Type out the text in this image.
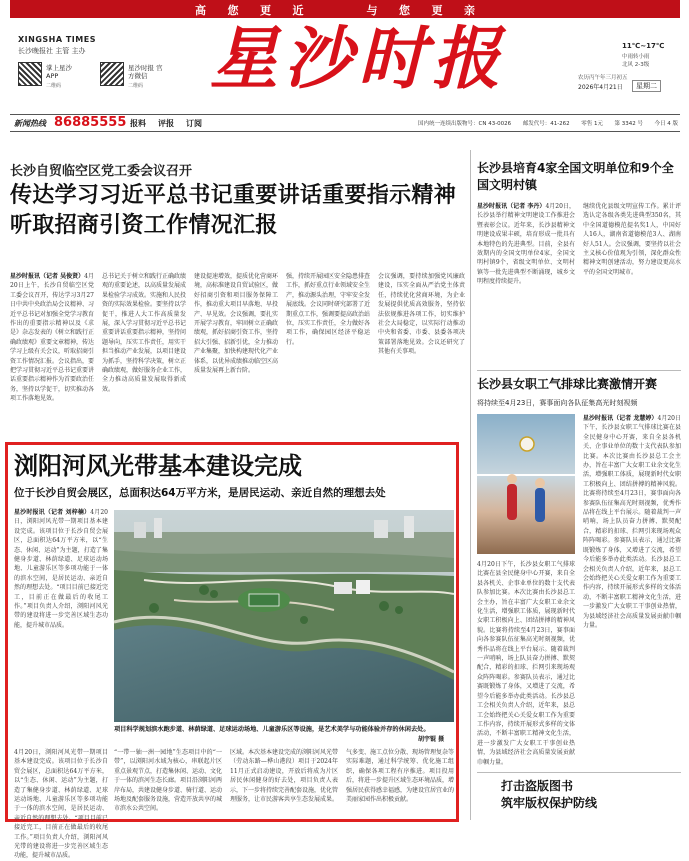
高 您 更 近	与 您 更 亲
XINGSHA TIMES
长沙晚报社 主管 主办
掌上星沙 APP
二维码
星沙时报 官方微信
二维码 星沙时报	11℃~17℃
中雨转小雨
北风 2-3级
农历丙午年三月初五
2026年4月21日	星期二
新闻热线 86885555 报料 评报 订阅	国内统一连续出版物号：CN 43-0026 邮发代号：41-262 零售 1元 第 3342 号 今日 4 版
长沙自贸临空区党工委会议召开
传达学习习近平总书记重要讲话重要指示精神
听取招商引资工作情况汇报
星沙时报讯（记者 吴俊贤）4月20日上午，长沙自贸临空区党工委会议召开，传达学习3月27日中共中央政治局会议精神、习近平总书记对加强全党学习教育作出的重要指示精神以及《求是》杂志发表的《树立和践行正确政绩观》重要文章精神，传达学习上级有关会议，听取招商引资工作情况汇报。会议指出，要把学习贯彻习近平总书记重要讲话重要指示精神作为首要政治任务，坚持以学促干，切实推动各项工作落地见效。
总书记关于树立和践行正确政绩观的重要论述，以高质量发展成果检验学习成效。实施和人民投资的实际效果检验。要坚持以学促干，推进人大工作高质量发展，深入学习贯彻习近平总书记重要讲话重要指示精神，坚持问题导向，压实工作责任，用实干担当推动产业发展，以项目建设为抓手，坚持科学决策，树立正确政绩观，做好服务企业工作，全力推动高质量发展取得新成效。
建设提速增效，提质优化营商环境，高标准建设自贸试验区，做好招商引资和项目服务保障工作，推动重大项目早落地、早投产、早见效。会议强调，要扎实开展学习教育，牢固树立正确政绩观，抓好招商引资工作，坚持招大引强、招新引优，全力推动产业集聚，加快构建现代化产业体系，以优异成绩推动临空区高质量发展再上新台阶。
强，持续开展园区安全隐患排查工作，抓好重点行业领域安全生产，推动源头治理，守牢安全发展底线。会议同时研究部署了近期重点工作，强调要提高政治站位，压实工作责任，全力做好各项工作，确保园区经济平稳运行。
会议强调，要持续加强党风廉政建设，压实全面从严治党主体责任，持续优化营商环境，为企业发展提供优质高效服务，坚持依法依规推进各项工作，切实维护社会大局稳定，以实际行动推动中央和省委、市委、县委各项决策部署落地见效。会议还研究了其他有关事项。
长沙县培育4家全国文明单位和9个全国文明村镇
星沙时报讯（记者 李丹）4月20日，长沙县举行精神文明建设工作推进会暨表彰会议。近年来，长沙县精神文明建设成果丰硕，培育形成一批具有本地特色的先进典型。目前，全县有效期内的全国文明单位4家，全国文明村镇9个，省级文明单位、文明村镇等一批先进典型不断涌现，城乡文明程度持续提升。
继续优化县级文明宣传工作。累计评选认定各级各类先进典型350名，其中全国道德模范提名奖1人，中国好人16人，湖南省道德模范3人、湖南好人51人。会议强调，要坚持以社会主义核心价值观为引领，深化群众性精神文明创建活动，努力建设更高水平的全国文明城市。
浏阳河风光带基本建设完成
位于长沙自贸会展区，总面积达64万平方米，是居民运动、亲近自然的理想去处
星沙时报讯（记者 刘梓楠）4月20日，浏阳河风光带一期项目基本建设完成。该项目位于长沙自贸会展区，总面积达64万平方米，以“生态、休闲、运动”为主题，打造了集健身步道、林荫绿道、足球运动场地、儿童游乐区等多项功能于一体的滨水空间，是居民运动、亲近自然的理想去处。“项目目前已接近完工，目前正在做最后的收尾工作。”项目负责人介绍，浏阳河风光带的建设将进一步完善区域生态功能，提升城市品质。
项目科学规划滨水跑步道、林荫绿道、足球运动场地、儿童游乐区等设施，是艺术美学与功能体验并存的休闲去处。
胡宇锟 摄
4月20日，浏阳河风光带一期项目基本建设完成。该项目位于长沙自贸会展区，总面积达64万平方米，以“生态、休闲、运动”为主题，打造了集健身步道、林荫绿道、足球运动场地、儿童游乐区等多项功能于一体的滨水空间，是居民运动、亲近自然的理想去处。“项目目前已接近完工，目前正在做最后的收尾工作。”项目负责人介绍，浏阳河风光带的建设将进一步完善区域生态功能，提升城市品质。
“一带一轴一洲一园地”生态项目中的“一带”，以浏阳河水域为核心，串联起片区重点景观节点，打造集休闲、运动、文化于一体的滨河生态长廊。项目沿浏阳河两岸布局，共建设健身步道、骑行道、运动场地及配套服务设施，营造开放共享的城市滨水公共空间。
区域。本次基本建设完成的浏阳河风光带（劳动东路—桦山港段）项目于2024年11月正式启动建设，开放后将成为片区居民休闲健身的好去处，项目负责人表示，下一步将持续完善配套设施，优化管理服务，让市民游客共享生态发展成果。
气多变、施工点位分散、现场管理复杂等实际难题，通过科学统筹、优化施工组织，确保各项工程有序推进。项目投用后，将进一步提升区域生态环境品质，增强居民获得感幸福感，为建设宜居宜业的美丽家园作出积极贡献。
长沙县女职工气排球比赛激情开赛
将持续至4月23日，赛事面向各队征集高光时刻视频
星沙时报讯（记者 龙慧婷）4月20日下午，长沙县女职工气排球比赛在县全民健身中心开赛，来自全县各机关、企事业单位的数十支代表队参加比赛。本次比赛由长沙县总工会主办，旨在丰富广大女职工业余文化生活，增强职工体质，展现新时代女职工积极向上、团结拼搏的精神风貌。比赛将持续至4月23日，赛事面向各参赛队伍征集高光时刻视频，优秀作品将在线上平台展示。随着裁判一声哨响，场上队员奋力拼搏、默契配合，精彩的扣球、拦网引来现场观众阵阵喝彩。参赛队员表示，通过比赛既锻炼了身体，又增进了交流，希望今后能多举办此类活动。长沙县总工会相关负责人介绍，近年来，县总工会始终把关心关爱女职工作为重要工作内容，持续开展形式多样的文体活动，不断丰富职工精神文化生活，进一步激发广大女职工干事创业热情，为县域经济社会高质量发展贡献巾帼力量。
4月20日下午，长沙县女职工气排球比赛在县全民健身中心开赛，来自全县各机关、企事业单位的数十支代表队参加比赛。本次比赛由长沙县总工会主办，旨在丰富广大女职工业余文化生活，增强职工体质，展现新时代女职工积极向上、团结拼搏的精神风貌。比赛将持续至4月23日，赛事面向各参赛队伍征集高光时刻视频，优秀作品将在线上平台展示。随着裁判一声哨响，场上队员奋力拼搏、默契配合，精彩的扣球、拦网引来现场观众阵阵喝彩。参赛队员表示，通过比赛既锻炼了身体，又增进了交流，希望今后能多举办此类活动。长沙县总工会相关负责人介绍，近年来，县总工会始终把关心关爱女职工作为重要工作内容，持续开展形式多样的文体活动，不断丰富职工精神文化生活，进一步激发广大女职工干事创业热情，为县域经济社会高质量发展贡献巾帼力量。
打击盗版图书
筑牢版权保护防线
